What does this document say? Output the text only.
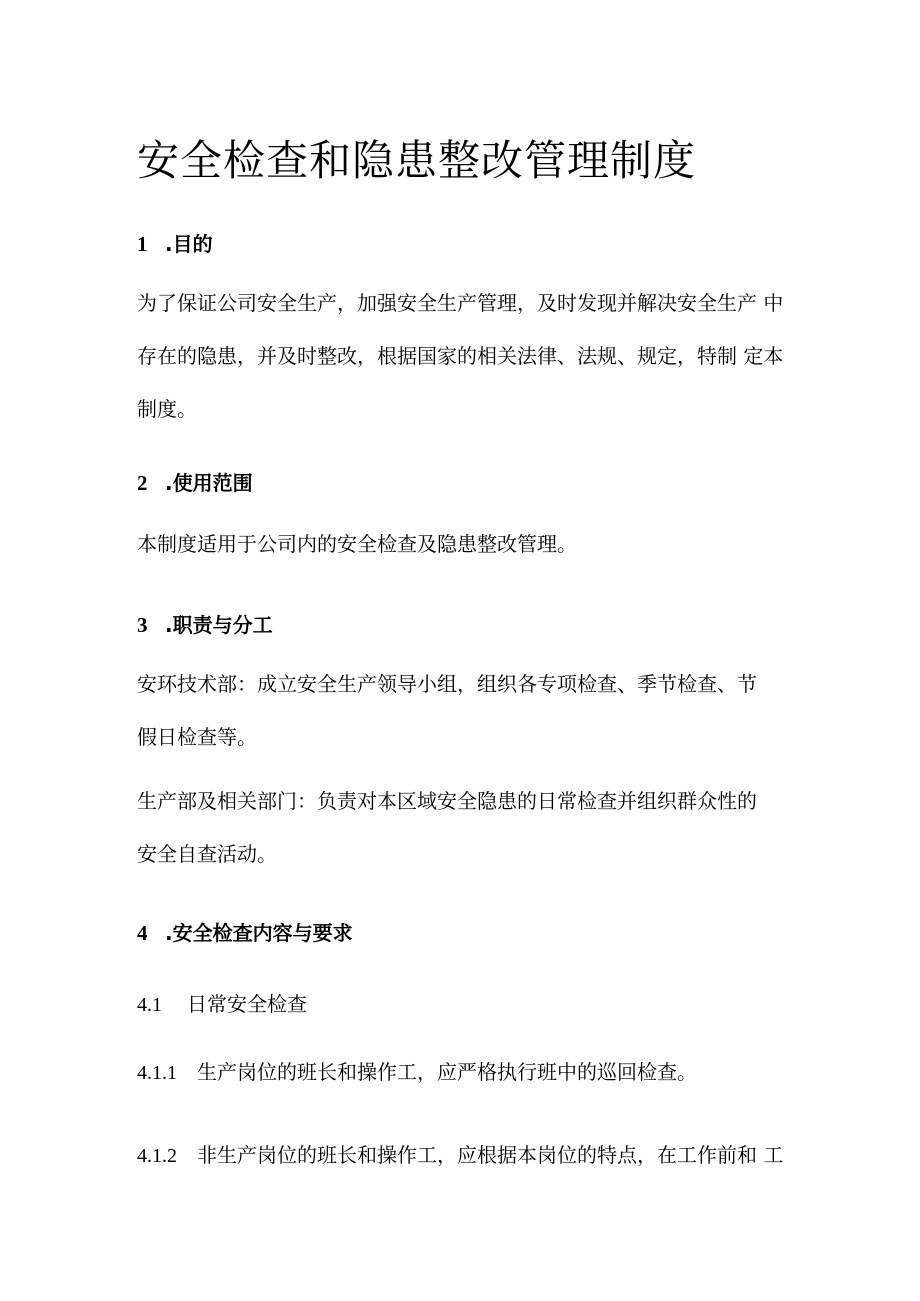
安全检查和隐患整改管理制度
1 .目的
为了保证公司安全生产，加强安全生产管理，及时发现并解决安全生产 中
存在的隐患，并及时整改，根据国家的相关法律、法规、规定，特制 定本
制度。
2 .使用范围
本制度适用于公司内的安全检查及隐患整改管理。
3 .职责与分工
安环技术部：成立安全生产领导小组，组织各专项检查、季节检查、节
假日检查等。
生产部及相关部门：负责对本区域安全隐患的日常检查并组织群众性的
安全自查活动。
4 .安全检查内容与要求

4.1 日常安全检查

4.1.1 生产岗位的班长和操作工，应严格执行班中的巡回检查。

4.1.2 非生产岗位的班长和操作工，应根据本岗位的特点，在工作前和 工
